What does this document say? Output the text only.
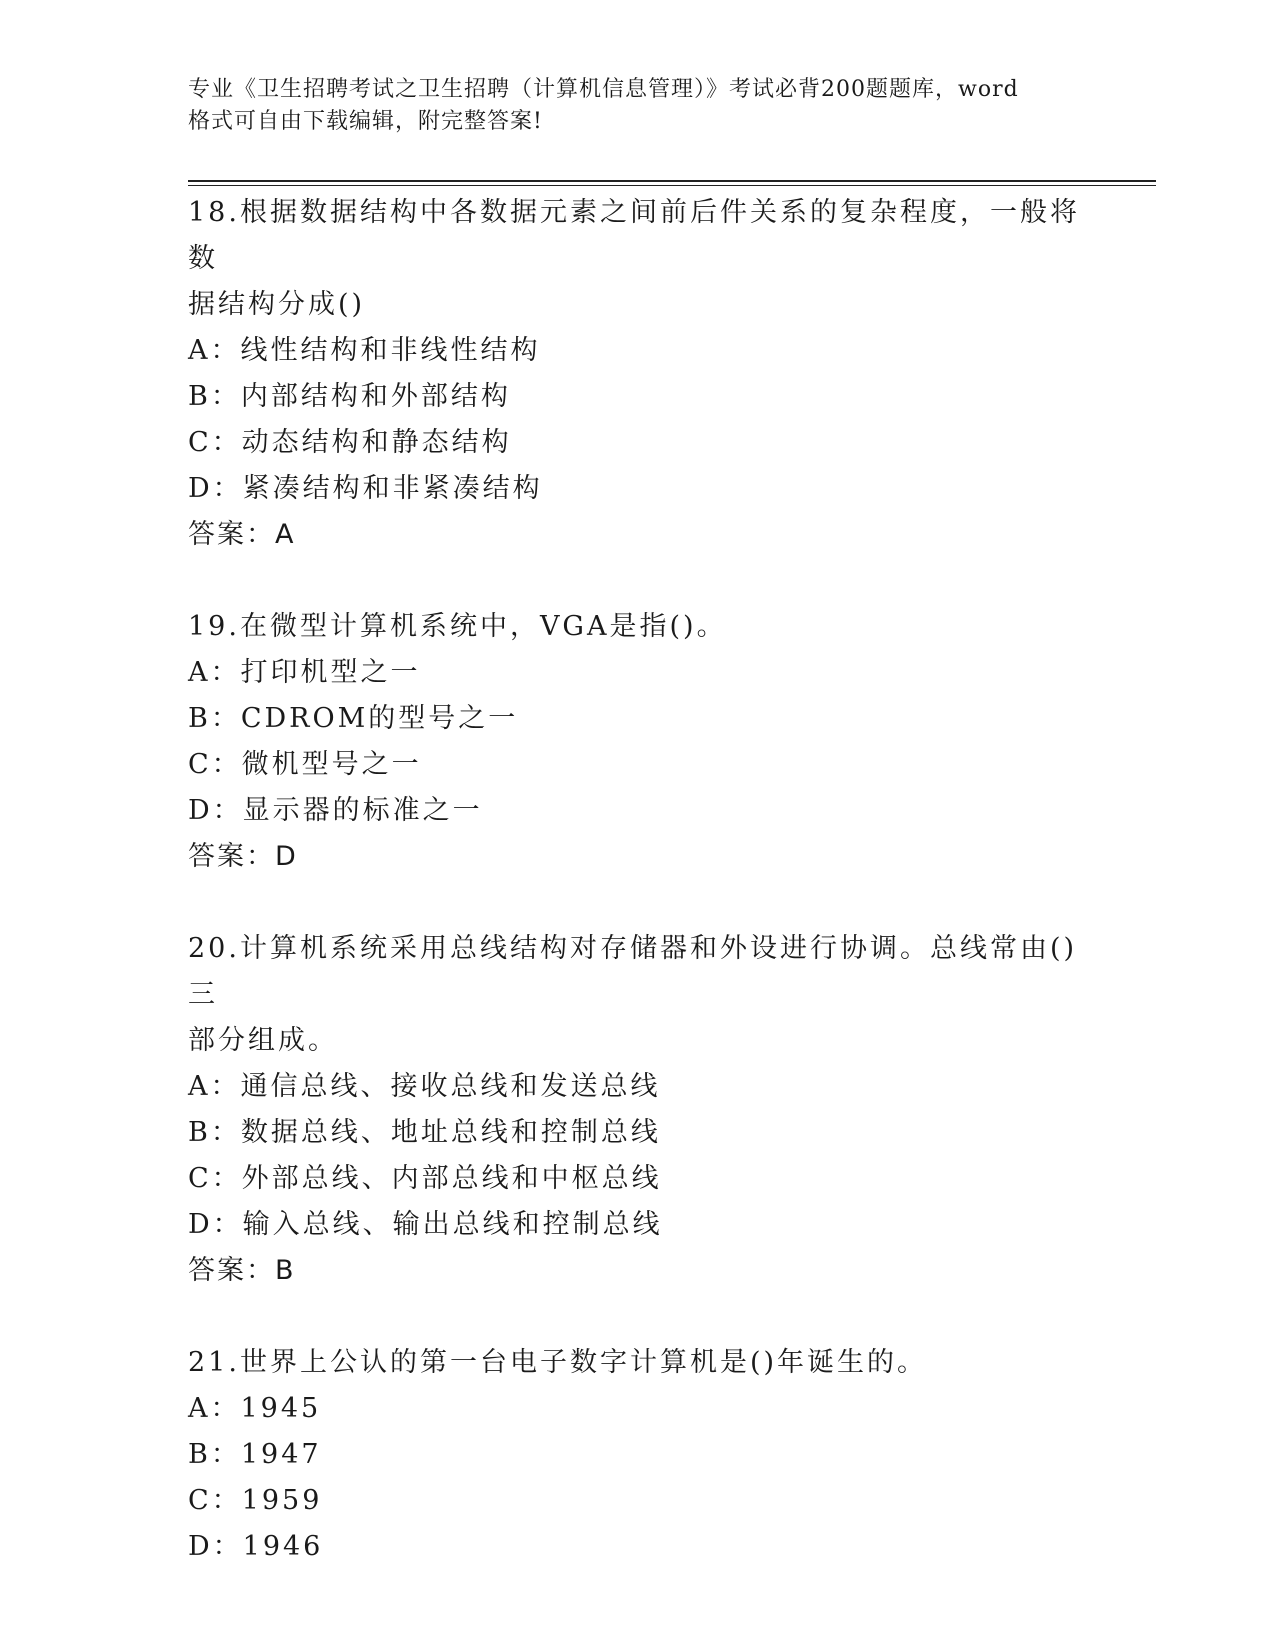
专业《卫生招聘考试之卫生招聘（计算机信息管理）》考试必背200题题库，word

格式可自由下载编辑，附完整答案!

18.根据数据结构中各数据元素之间前后件关系的复杂程度，一般将数

据结构分成()

A：线性结构和非线性结构

B：内部结构和外部结构

C：动态结构和静态结构

D：紧凑结构和非紧凑结构

答案：A

19.在微型计算机系统中，VGA是指()。

A：打印机型之一

B：CDROM的型号之一

C：微机型号之一

D：显示器的标准之一

答案：D

20.计算机系统采用总线结构对存储器和外设进行协调。总线常由()三

部分组成。

A：通信总线、接收总线和发送总线

B：数据总线、地址总线和控制总线

C：外部总线、内部总线和中枢总线

D：输入总线、输出总线和控制总线

答案：B

21.世界上公认的第一台电子数字计算机是()年诞生的。

A：1945

B：1947

C：1959

D：1946
